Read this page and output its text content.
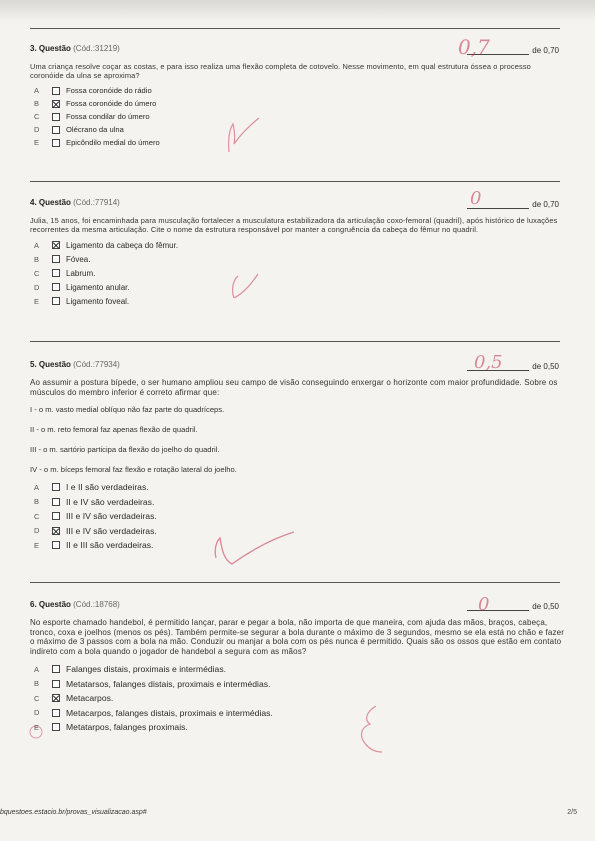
3. Questão (Cód.:31219)	de 0,70
Uma criança resolve coçar as costas, e para isso realiza uma flexão completa de cotovelo. Nesse movimento, em qual estrutura óssea o processo coronóide da ulna se aproxima?
A	Fossa coronóide do rádio
B	Fossa coronóide do úmero
C	Fossa condilar do úmero
D	Olécrano da ulna
E	Epicôndilo medial do úmero
0,7
4. Questão (Cód.:77914)	de 0,70
Julia, 15 anos, foi encaminhada para musculação fortalecer a musculatura estabilizadora da articulação coxo-femoral (quadril), após histórico de luxações recorrentes da mesma articulação. Cite o nome da estrutura responsável por manter a congruência da cabeça do fêmur no quadril.
A	Ligamento da cabeça do fêmur.
B	Fóvea.
C	Labrum.
D	Ligamento anular.
E	Ligamento foveal.
0
5. Questão (Cód.:77934)	de 0,50
Ao assumir a postura bípede, o ser humano ampliou seu campo de visão conseguindo enxergar o horizonte com maior profundidade. Sobre os músculos do membro inferior é correto afirmar que:
I - o m. vasto medial oblíquo não faz parte do quadríceps.
II - o m. reto femoral faz apenas flexão de quadril.
III - o m. sartório participa da flexão do joelho do quadril.
IV - o m. bíceps femoral faz flexão e rotação lateral do joelho.
A	I e II são verdadeiras.
B	II e IV são verdadeiras.
C	III e IV são verdadeiras.
D	III e IV são verdadeiras.
E	II e III são verdadeiras.
0,5
6. Questão (Cód.:18768)	de 0,50
No esporte chamado handebol, é permitido lançar, parar e pegar a bola, não importa de que maneira, com ajuda das mãos, braços, cabeça, tronco, coxa e joelhos (menos os pés). Também permite-se segurar a bola durante o máximo de 3 segundos, mesmo se ela está no chão e fazer o máximo de 3 passos com a bola na mão. Conduzir ou manjar a bola com os pés nunca é permitido. Quais são os ossos que estão em contato indireto com a bola quando o jogador de handebol a segura com as mãos?
A	Falanges distais, proximais e intermédias.
B	Metatarsos, falanges distais, proximais e intermédias.
C	Metacarpos.
D	Metacarpos, falanges distais, proximais e intermédias.
E	Metatarpos, falanges proximais.
0
bquestoes.estacio.br/provas_visualizacao.asp#	2/5
